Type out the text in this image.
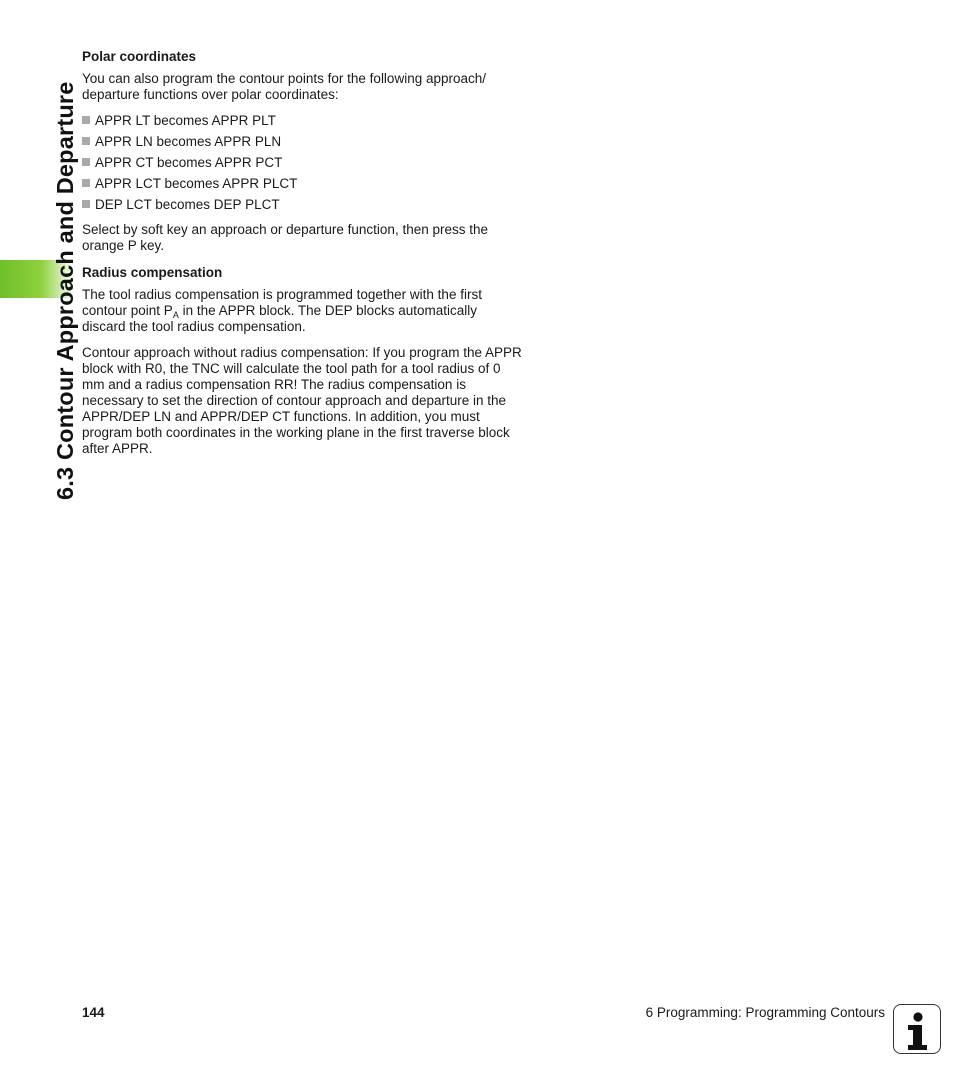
6.3 Contour Approach and Departure
Polar coordinates

You can also program the contour points for the following approach/ departure functions over polar coordinates:

APPR LT becomes APPR PLT
APPR LN becomes APPR PLN
APPR CT becomes APPR PCT
APPR LCT becomes APPR PLCT
DEP LCT becomes DEP PLCT

Select by soft key an approach or departure function, then press the orange P key.

Radius compensation

The tool radius compensation is programmed together with the first contour point $P_A$ in the APPR block. The DEP blocks automatically discard the tool radius compensation.

Contour approach without radius compensation: If you program the APPR block with R0, the TNC will calculate the tool path for a tool radius of 0 mm and a radius compensation RR! The radius compensation is necessary to set the direction of contour approach and departure in the APPR/DEP LN and APPR/DEP CT functions. In addition, you must program both coordinates in the working plane in the first traverse block after APPR.

144	6 Programming: Programming Contours
